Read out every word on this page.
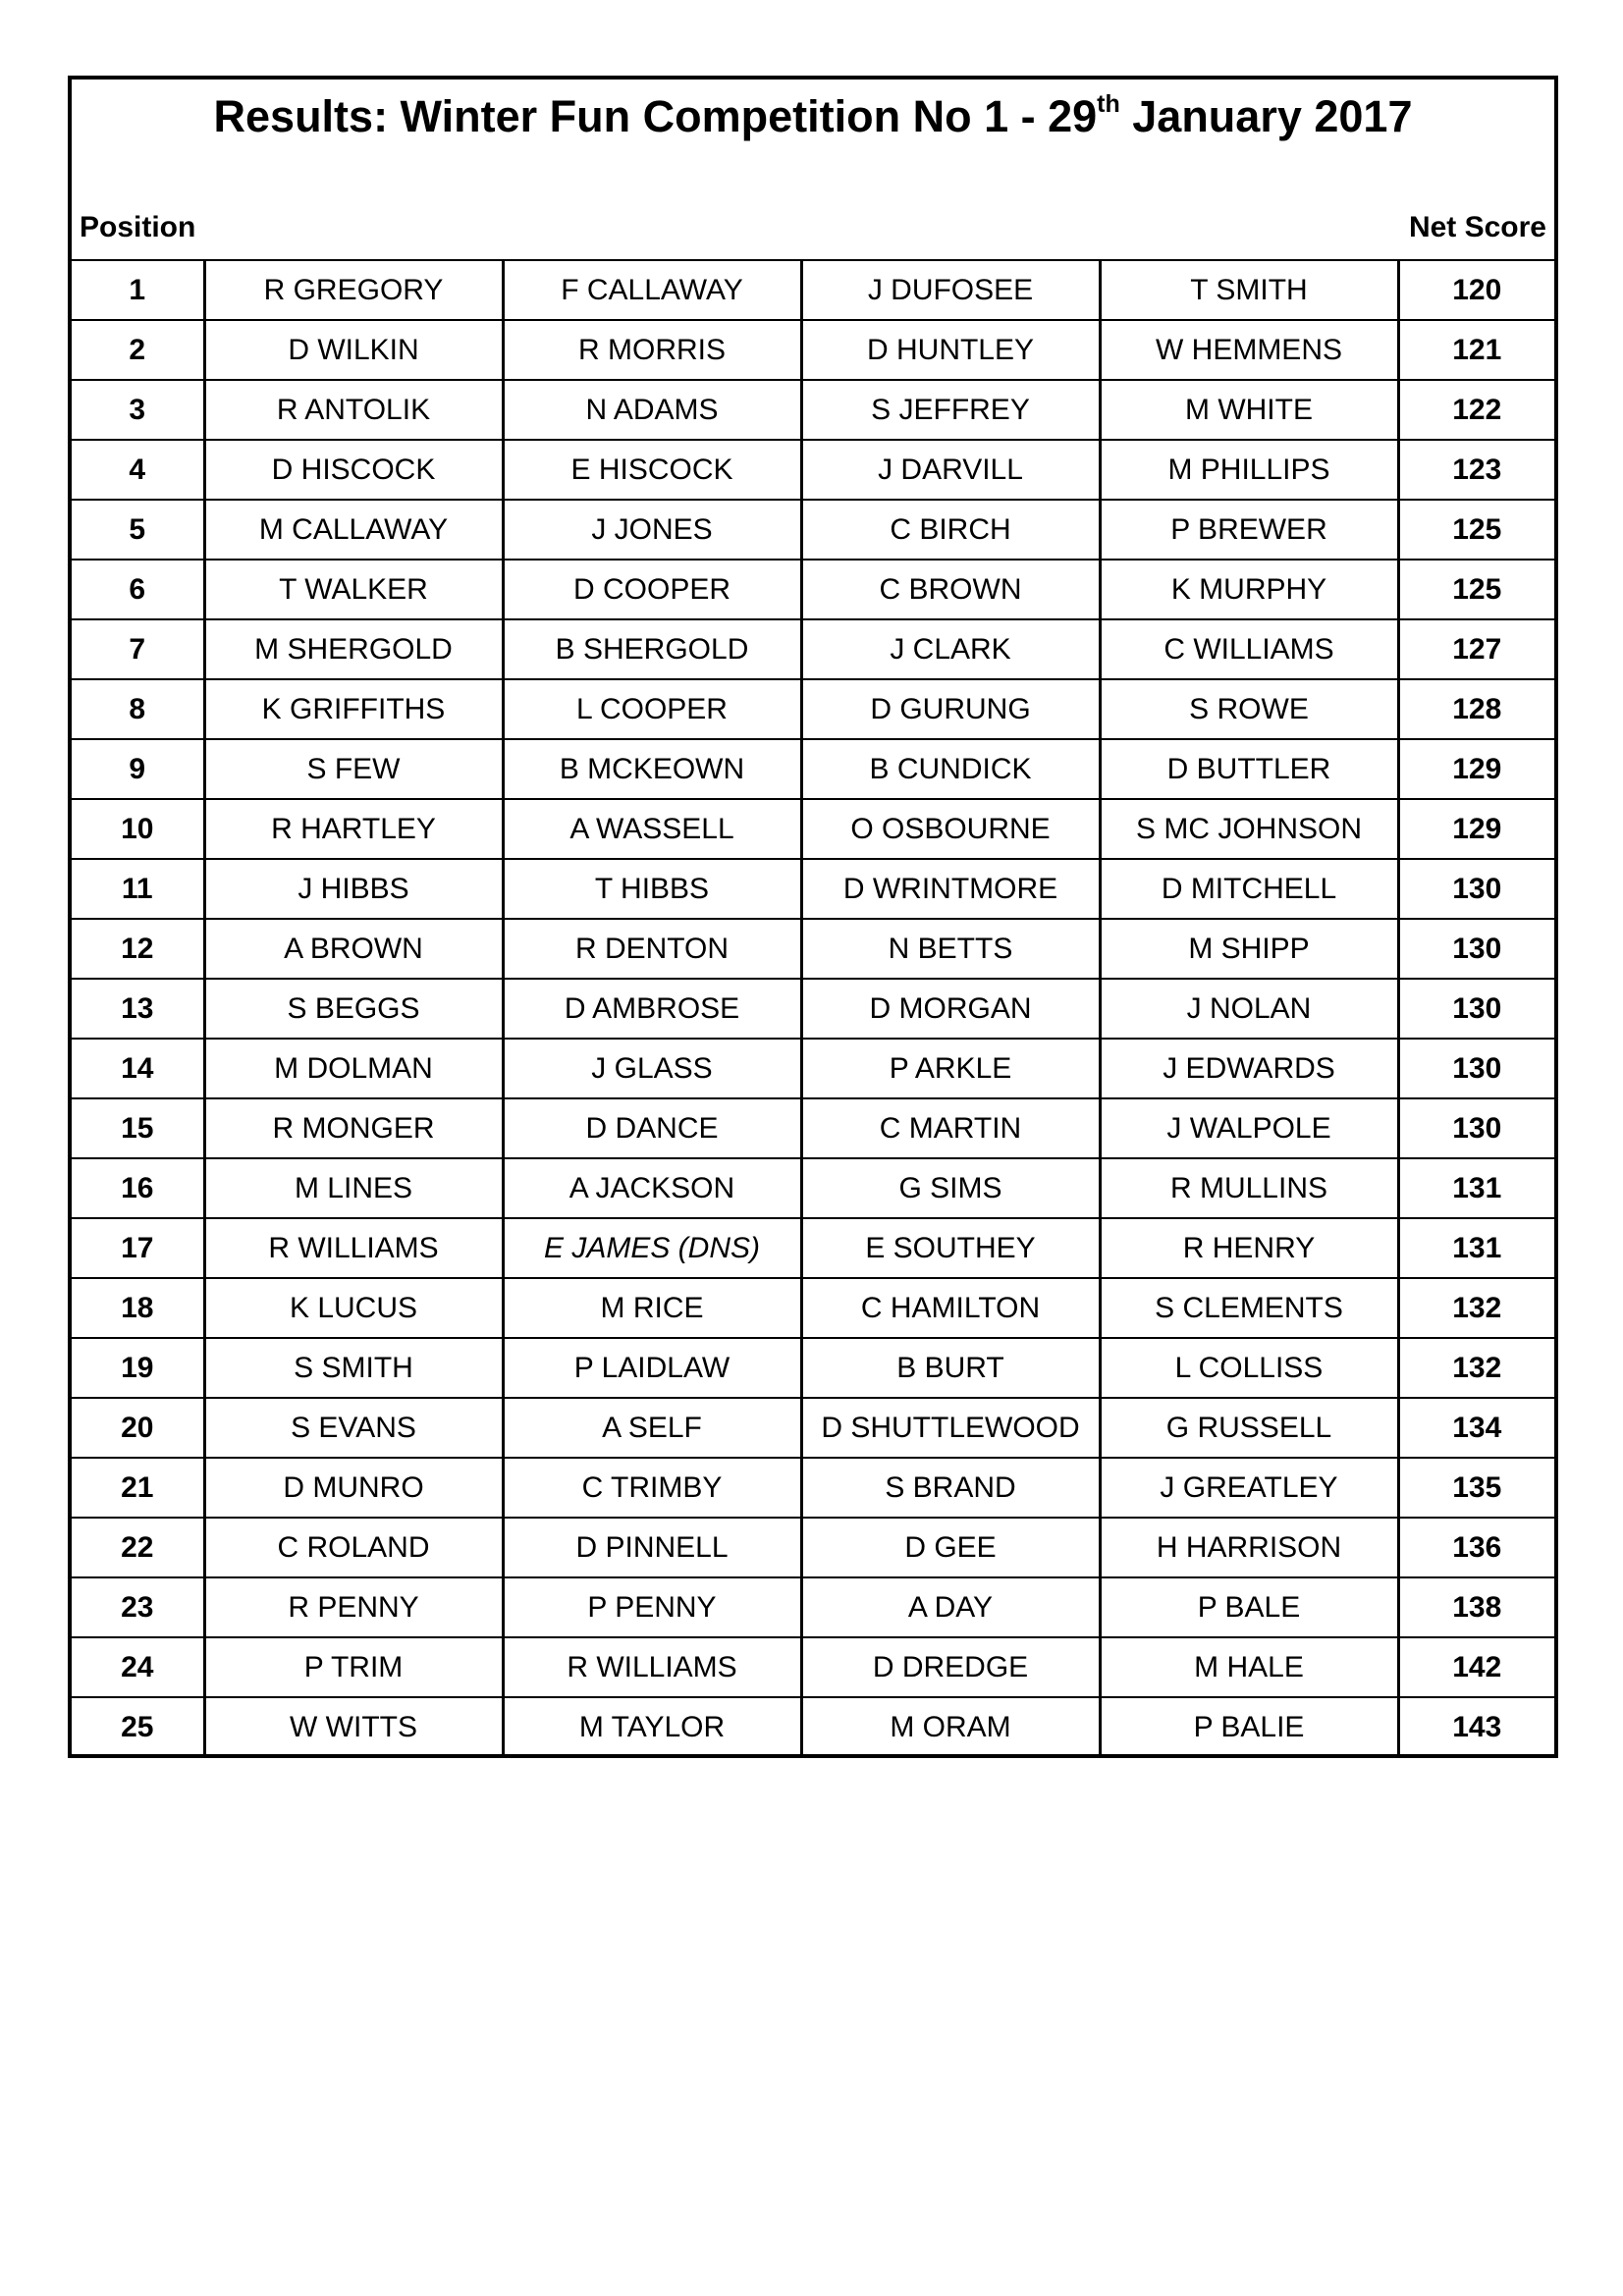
Results: Winter Fun Competition No 1 - 29th January 2017
Position	Net Score
1	R GREGORY	F CALLAWAY	J DUFOSEE	T SMITH	120
2	D WILKIN	R MORRIS	D HUNTLEY	W HEMMENS	121
3	R ANTOLIK	N ADAMS	S JEFFREY	M WHITE	122
4	D HISCOCK	E HISCOCK	J DARVILL	M PHILLIPS	123
5	M CALLAWAY	J JONES	C BIRCH	P BREWER	125
6	T WALKER	D COOPER	C BROWN	K MURPHY	125
7	M SHERGOLD	B SHERGOLD	J CLARK	C WILLIAMS	127
8	K GRIFFITHS	L COOPER	D GURUNG	S ROWE	128
9	S FEW	B MCKEOWN	B CUNDICK	D BUTTLER	129
10	R HARTLEY	A WASSELL	O OSBOURNE	S MC JOHNSON	129
11	J HIBBS	T HIBBS	D WRINTMORE	D MITCHELL	130
12	A BROWN	R DENTON	N BETTS	M SHIPP	130
13	S BEGGS	D AMBROSE	D MORGAN	J NOLAN	130
14	M DOLMAN	J GLASS	P ARKLE	J EDWARDS	130
15	R MONGER	D DANCE	C MARTIN	J WALPOLE	130
16	M LINES	A JACKSON	G SIMS	R MULLINS	131
17	R WILLIAMS	E JAMES (DNS)	E SOUTHEY	R HENRY	131
18	K LUCUS	M RICE	C HAMILTON	S CLEMENTS	132
19	S SMITH	P LAIDLAW	B BURT	L COLLISS	132
20	S EVANS	A SELF	D SHUTTLEWOOD	G RUSSELL	134
21	D MUNRO	C TRIMBY	S BRAND	J GREATLEY	135
22	C ROLAND	D PINNELL	D GEE	H HARRISON	136
23	R PENNY	P PENNY	A DAY	P BALE	138
24	P TRIM	R WILLIAMS	D DREDGE	M HALE	142
25	W WITTS	M TAYLOR	M ORAM	P BALIE	143
